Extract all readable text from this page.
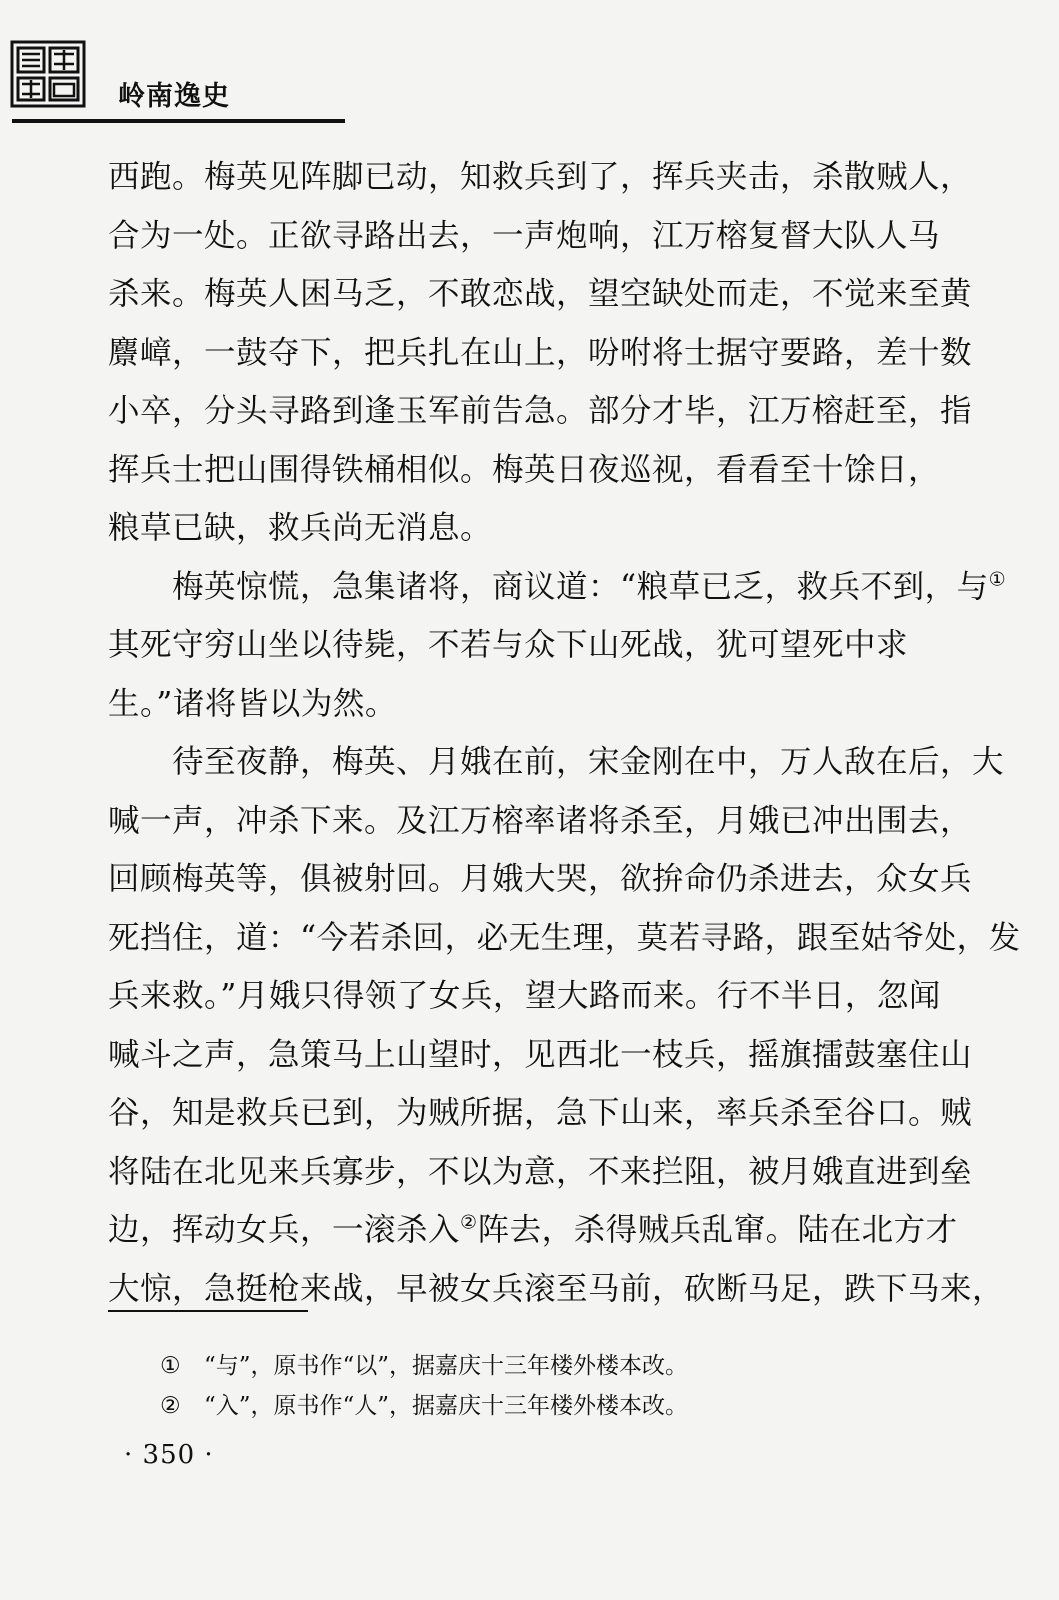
岭南逸史
西跑。梅英见阵脚已动，知救兵到了，挥兵夹击，杀散贼人，
合为一处。正欲寻路出去，一声炮响，江万榕复督大队人马
杀来。梅英人困马乏，不敢恋战，望空缺处而走，不觉来至黄
麖嶂，一鼓夺下，把兵扎在山上，吩咐将士据守要路，差十数
小卒，分头寻路到逢玉军前告急。部分才毕，江万榕赶至，指
挥兵士把山围得铁桶相似。梅英日夜巡视，看看至十馀日，
粮草已缺，救兵尚无消息。
梅英惊慌，急集诸将，商议道：“粮草已乏，救兵不到，与①
其死守穷山坐以待毙，不若与众下山死战，犹可望死中求
生。”诸将皆以为然。
待至夜静，梅英、月娥在前，宋金刚在中，万人敌在后，大
喊一声，冲杀下来。及江万榕率诸将杀至，月娥已冲出围去，
回顾梅英等，俱被射回。月娥大哭，欲拚命仍杀进去，众女兵
死挡住，道：“今若杀回，必无生理，莫若寻路，跟至姑爷处，发
兵来救。”月娥只得领了女兵，望大路而来。行不半日，忽闻
喊斗之声，急策马上山望时，见西北一枝兵，摇旗擂鼓塞住山
谷，知是救兵已到，为贼所据，急下山来，率兵杀至谷口。贼
将陆在北见来兵寡步，不以为意，不来拦阻，被月娥直进到垒
边，挥动女兵，一滚杀入②阵去，杀得贼兵乱窜。陆在北方才
大惊，急挺枪来战，早被女兵滚至马前，砍断马足，跌下马来，
① “与”，原书作“以”，据嘉庆十三年楼外楼本改。
② “入”，原书作“人”，据嘉庆十三年楼外楼本改。
· 350 ·
